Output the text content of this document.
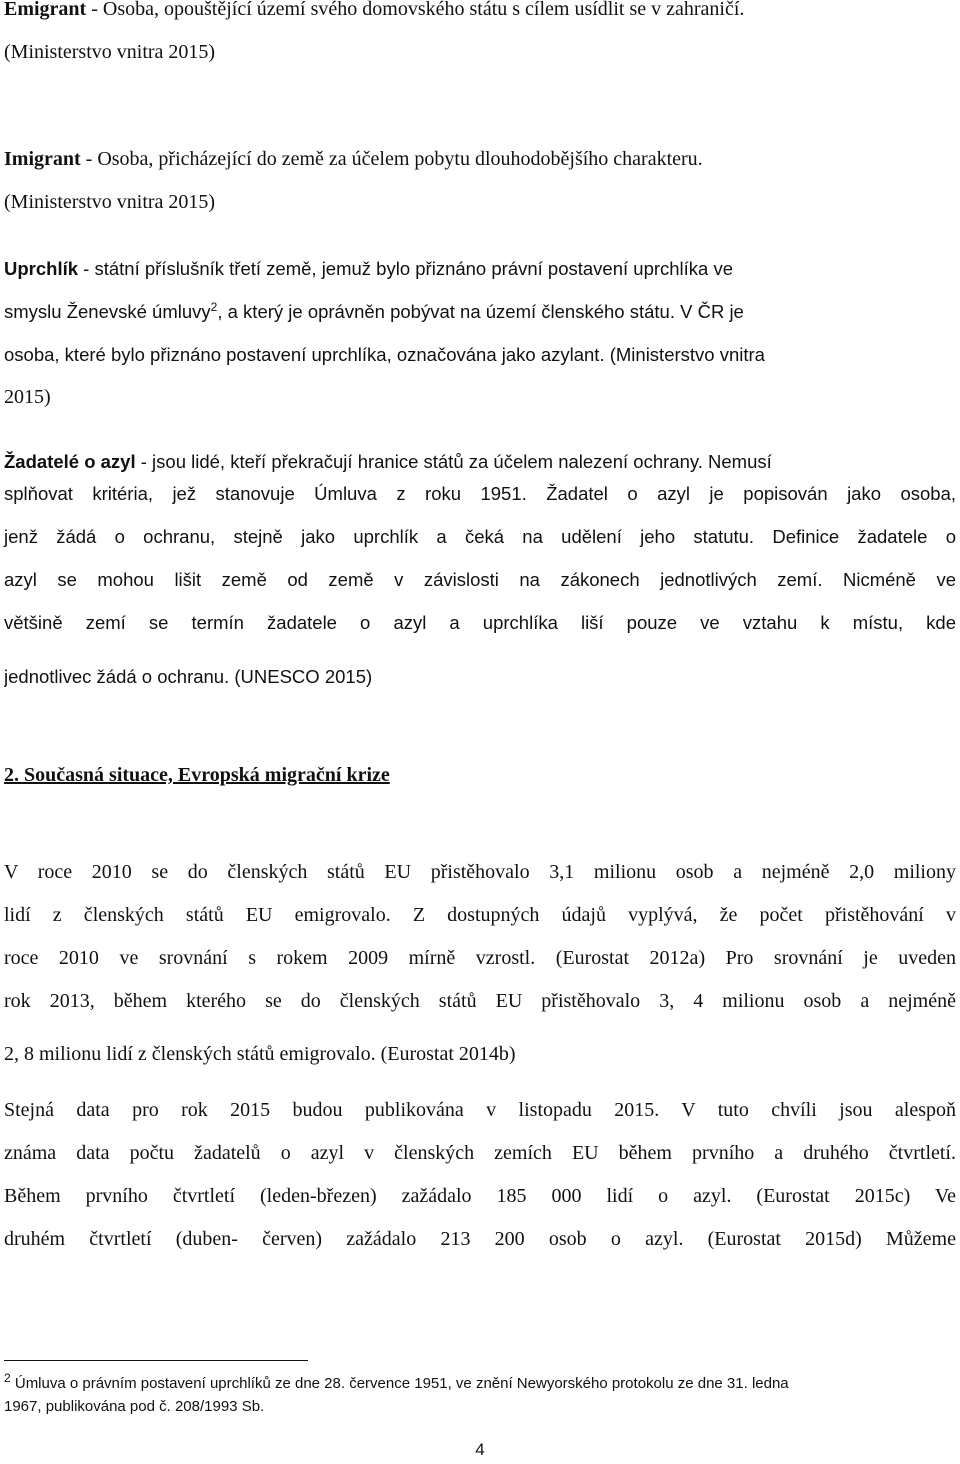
Emigrant - Osoba, opouštějící území svého domovského státu s cílem usídlit se v zahraničí.
(Ministerstvo vnitra 2015)
Imigrant - Osoba, přicházející do země za účelem pobytu dlouhodobějšího charakteru.
(Ministerstvo vnitra 2015)
Uprchlík - státní příslušník třetí země, jemuž bylo přiznáno právní postavení uprchlíka ve
smyslu Ženevské úmluvy$^2$, a který je oprávněn pobývat na území členského státu. V ČR je
osoba, které bylo přiznáno postavení uprchlíka, označována jako azylant. (Ministerstvo vnitra
2015)
Žadatelé o azyl - jsou lidé, kteří překračují hranice států za účelem nalezení ochrany. Nemusí
splňovat kritéria, jež stanovuje Úmluva z roku 1951. Žadatel o azyl je popisován jako osoba,
jenž žádá o ochranu, stejně jako uprchlík a čeká na udělení jeho statutu. Definice žadatele o
azyl se mohou lišit země od země v závislosti na zákonech jednotlivých zemí. Nicméně ve
většině zemí se termín žadatele o azyl a uprchlíka liší pouze ve vztahu k místu, kde
jednotlivec žádá o ochranu. (UNESCO 2015)
2. Současná situace, Evropská migrační krize
V roce 2010 se do členských států EU přistěhovalo 3,1 milionu osob a nejméně 2,0 miliony
lidí z členských států EU emigrovalo. Z dostupných údajů vyplývá, že počet přistěhování v
roce 2010 ve srovnání s rokem 2009 mírně vzrostl. (Eurostat 2012a) Pro srovnání je uveden
rok 2013, během kterého se do členských států EU přistěhovalo 3, 4 milionu osob a nejméně
2, 8 milionu lidí z členských států emigrovalo. (Eurostat 2014b)
Stejná data pro rok 2015 budou publikována v listopadu 2015. V tuto chvíli jsou alespoň
známa data počtu žadatelů o azyl v členských zemích EU během prvního a druhého čtvrtletí.
Během prvního čtvrtletí (leden-březen) zažádalo 185 000 lidí o azyl. (Eurostat 2015c) Ve
druhém čtvrtletí (duben- červen) zažádalo 213 200 osob o azyl. (Eurostat 2015d) Můžeme
$^2$ Úmluva o právním postavení uprchlíků ze dne 28. července 1951, ve znění Newyorského protokolu ze dne 31. ledna
1967, publikována pod č. 208/1993 Sb.
4
